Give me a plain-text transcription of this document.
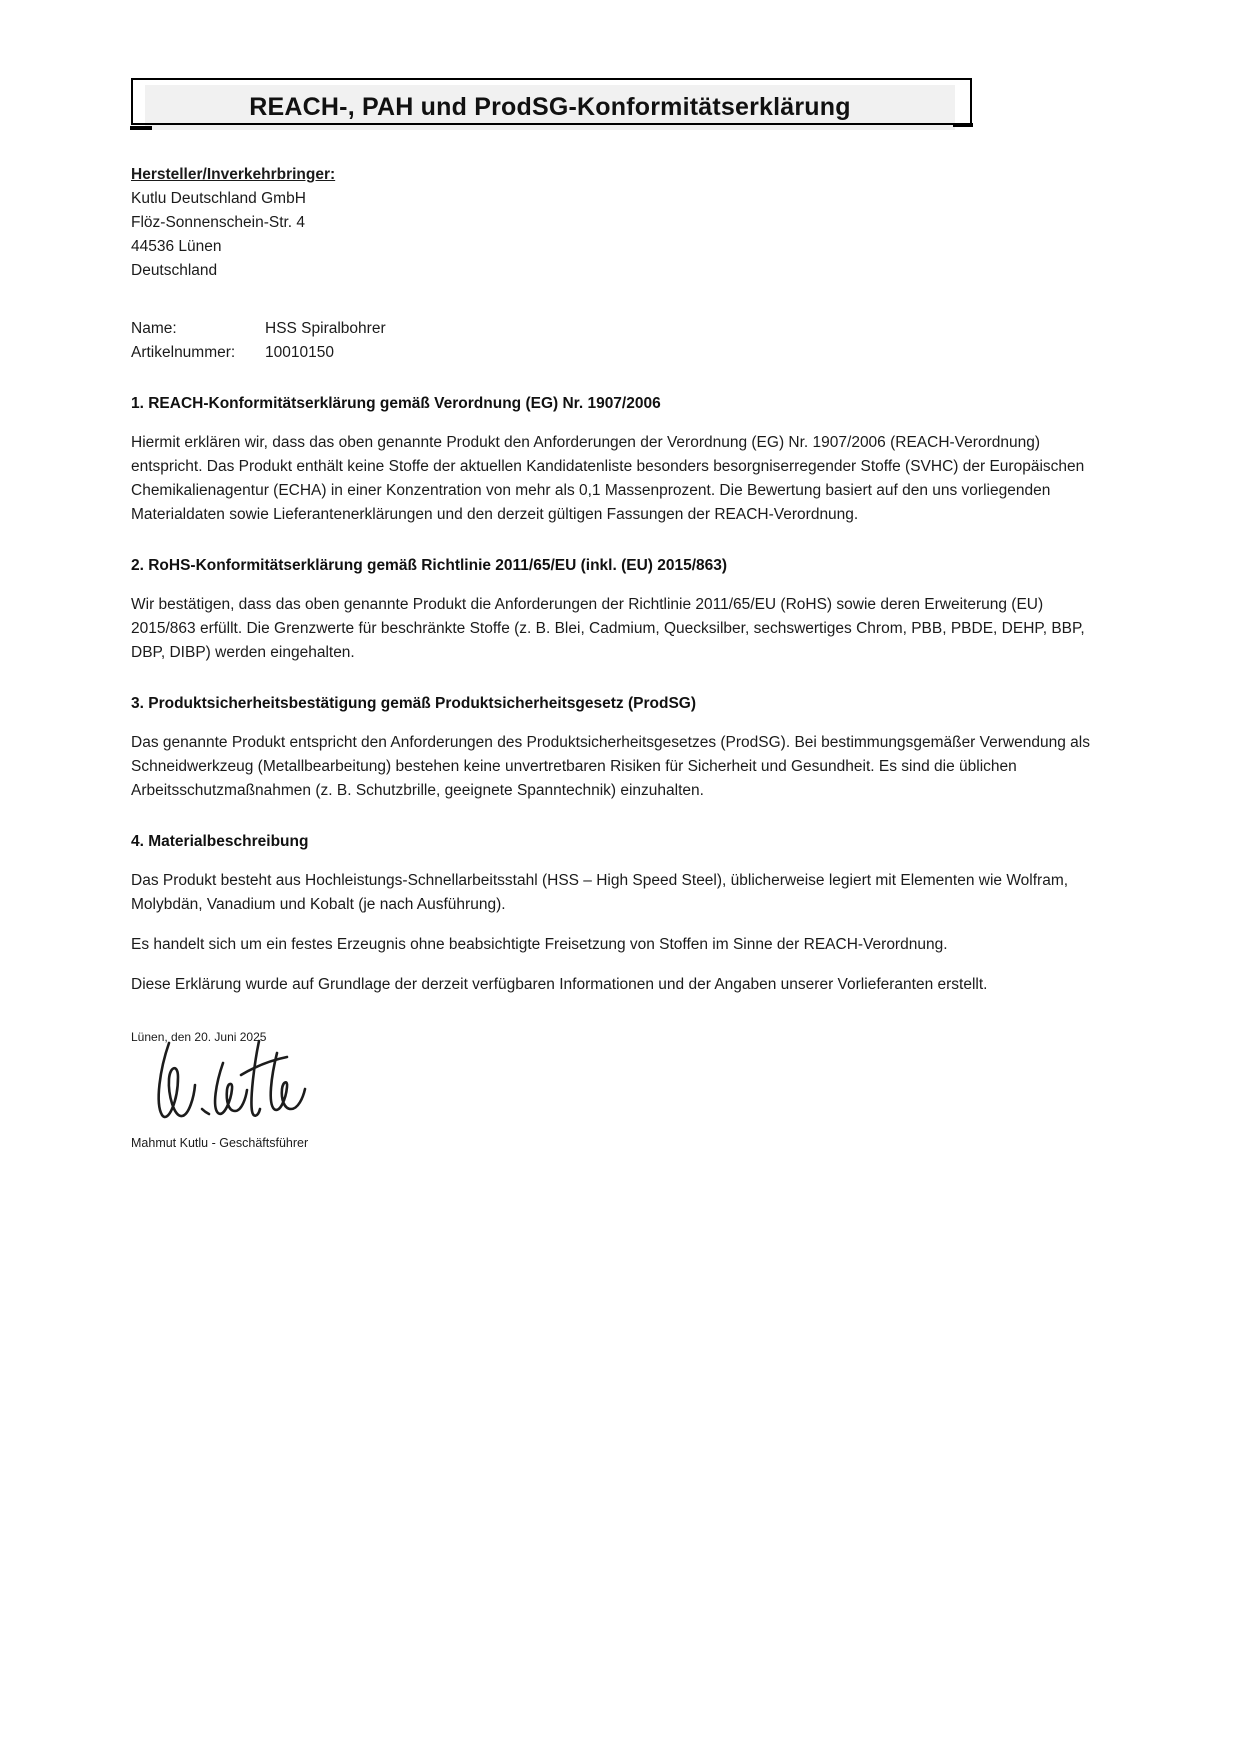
REACH-, PAH und ProdSG-Konformitätserklärung
Hersteller/Inverkehrbringer:
Kutlu Deutschland GmbH
Flöz-Sonnenschein-Str. 4
44536 Lünen
Deutschland
Name:	HSS Spiralbohrer
Artikelnummer:	10010150
1. REACH-Konformitätserklärung gemäß Verordnung (EG) Nr. 1907/2006

Hiermit erklären wir, dass das oben genannte Produkt den Anforderungen der Verordnung (EG) Nr. 1907/2006 (REACH-Verordnung) entspricht. Das Produkt enthält keine Stoffe der aktuellen Kandidatenliste besonders besorgniserregender Stoffe (SVHC) der Europäischen Chemikalienagentur (ECHA) in einer Konzentration von mehr als 0,1 Massenprozent. Die Bewertung basiert auf den uns vorliegenden Materialdaten sowie Lieferantenerklärungen und den derzeit gültigen Fassungen der REACH-Verordnung.

2. RoHS-Konformitätserklärung gemäß Richtlinie 2011/65/EU (inkl. (EU) 2015/863)

Wir bestätigen, dass das oben genannte Produkt die Anforderungen der Richtlinie 2011/65/EU (RoHS) sowie deren Erweiterung (EU) 2015/863 erfüllt. Die Grenzwerte für beschränkte Stoffe (z. B. Blei, Cadmium, Quecksilber, sechswertiges Chrom, PBB, PBDE, DEHP, BBP, DBP, DIBP) werden eingehalten.

3. Produktsicherheitsbestätigung gemäß Produktsicherheitsgesetz (ProdSG)

Das genannte Produkt entspricht den Anforderungen des Produktsicherheitsgesetzes (ProdSG). Bei bestimmungsgemäßer Verwendung als Schneidwerkzeug (Metallbearbeitung) bestehen keine unvertretbaren Risiken für Sicherheit und Gesundheit. Es sind die üblichen Arbeitsschutzmaßnahmen (z. B. Schutzbrille, geeignete Spanntechnik) einzuhalten.

4. Materialbeschreibung

Das Produkt besteht aus Hochleistungs-Schnellarbeitsstahl (HSS – High Speed Steel), üblicherweise legiert mit Elementen wie Wolfram, Molybdän, Vanadium und Kobalt (je nach Ausführung).

Es handelt sich um ein festes Erzeugnis ohne beabsichtigte Freisetzung von Stoffen im Sinne der REACH-Verordnung.

Diese Erklärung wurde auf Grundlage der derzeit verfügbaren Informationen und der Angaben unserer Vorlieferanten erstellt.

Lünen, den 20. Juni 2025
Mahmut Kutlu - Geschäftsführer
